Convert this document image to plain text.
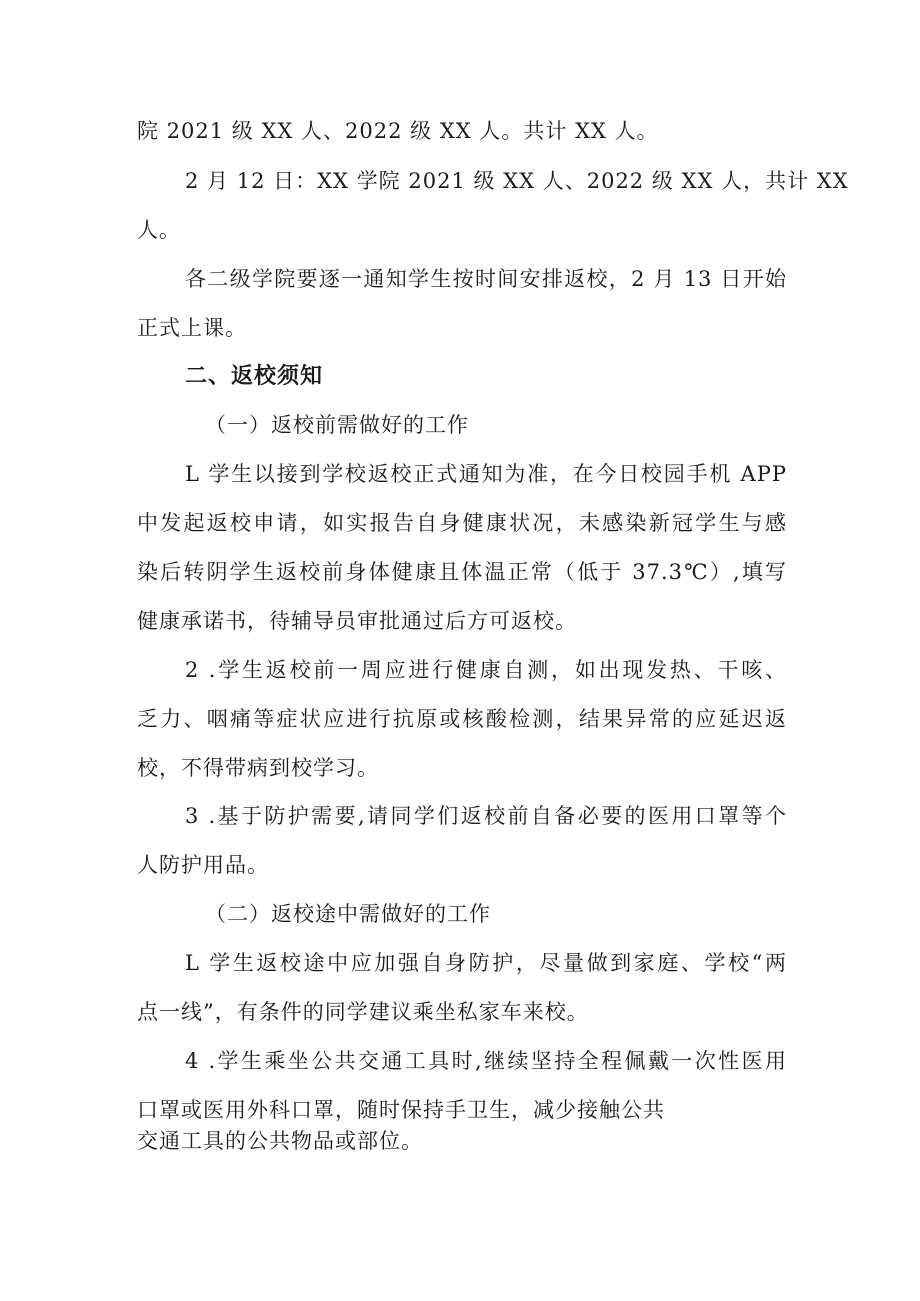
院 2021 级 XX 人、2022 级 XX 人。共计 XX 人。
2 月 12 日：XX 学院 2021 级 XX 人、2022 级 XX 人，共计 XX
人。
各二级学院要逐一通知学生按时间安排返校，2 月 13 日开始
正式上课。
二、返校须知
（一）返校前需做好的工作
L 学生以接到学校返校正式通知为准，在今日校园手机 APP
中发起返校申请，如实报告自身健康状况，未感染新冠学生与感
染后转阴学生返校前身体健康且体温正常（低于 37.3℃）,填写
健康承诺书，待辅导员审批通过后方可返校。
2 .学生返校前一周应进行健康自测，如出现发热、干咳、
乏力、咽痛等症状应进行抗原或核酸检测，结果异常的应延迟返
校，不得带病到校学习。
3 .基于防护需要,请同学们返校前自备必要的医用口罩等个
人防护用品。
（二）返校途中需做好的工作
L 学生返校途中应加强自身防护，尽量做到家庭、学校“两
点一线”，有条件的同学建议乘坐私家车来校。
4 .学生乘坐公共交通工具时,继续坚持全程佩戴一次性医用
口罩或医用外科口罩，随时保持手卫生，减少接触公共
交通工具的公共物品或部位。
